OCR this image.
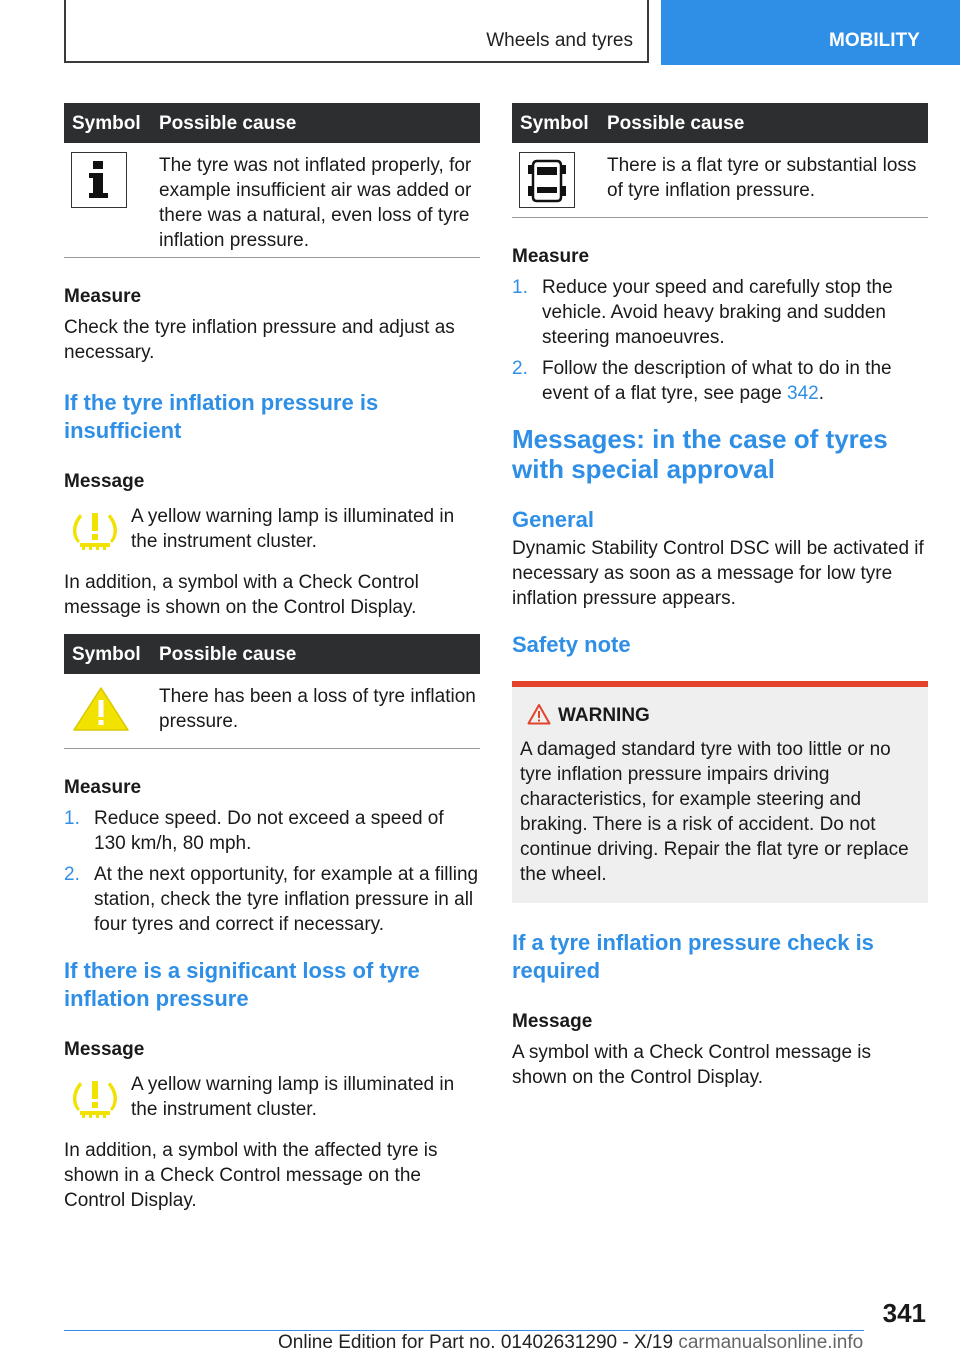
Wheels and tyres	MOBILITY
Symbol Possible cause
The tyre was not inflated properly, for example insufficient air was added or there was a natural, even loss of tyre inflation pressure.
Measure
Check the tyre inflation pressure and adjust as necessary.
If the tyre inflation pressure is insufficient
Message
A yellow warning lamp is illuminated in the instrument cluster.
In addition, a symbol with a Check Control message is shown on the Control Display.
Symbol Possible cause
There has been a loss of tyre inflation pressure.
Measure
1. Reduce speed. Do not exceed a speed of 130 km/h, 80 mph.
2. At the next opportunity, for example at a filling station, check the tyre inflation pressure in all four tyres and correct if necessary.
If there is a significant loss of tyre inflation pressure
Message
A yellow warning lamp is illuminated in the instrument cluster.
In addition, a symbol with the affected tyre is shown in a Check Control message on the Control Display.
Symbol Possible cause
There is a flat tyre or substantial loss of tyre inflation pressure.
Measure
1. Reduce your speed and carefully stop the vehicle. Avoid heavy braking and sudden steering manoeuvres.
2. Follow the description of what to do in the event of a flat tyre, see page 342.
Messages: in the case of tyres with special approval
General
Dynamic Stability Control DSC will be activated if necessary as soon as a message for low tyre inflation pressure appears.
Safety note
WARNING
A damaged standard tyre with too little or no tyre inflation pressure impairs driving characteristics, for example steering and braking. There is a risk of accident. Do not continue driving. Repair the flat tyre or replace the wheel.
If a tyre inflation pressure check is required
Message
A symbol with a Check Control message is shown on the Control Display.
341
Online Edition for Part no. 01402631290 - X/19 carmanualsonline.info
